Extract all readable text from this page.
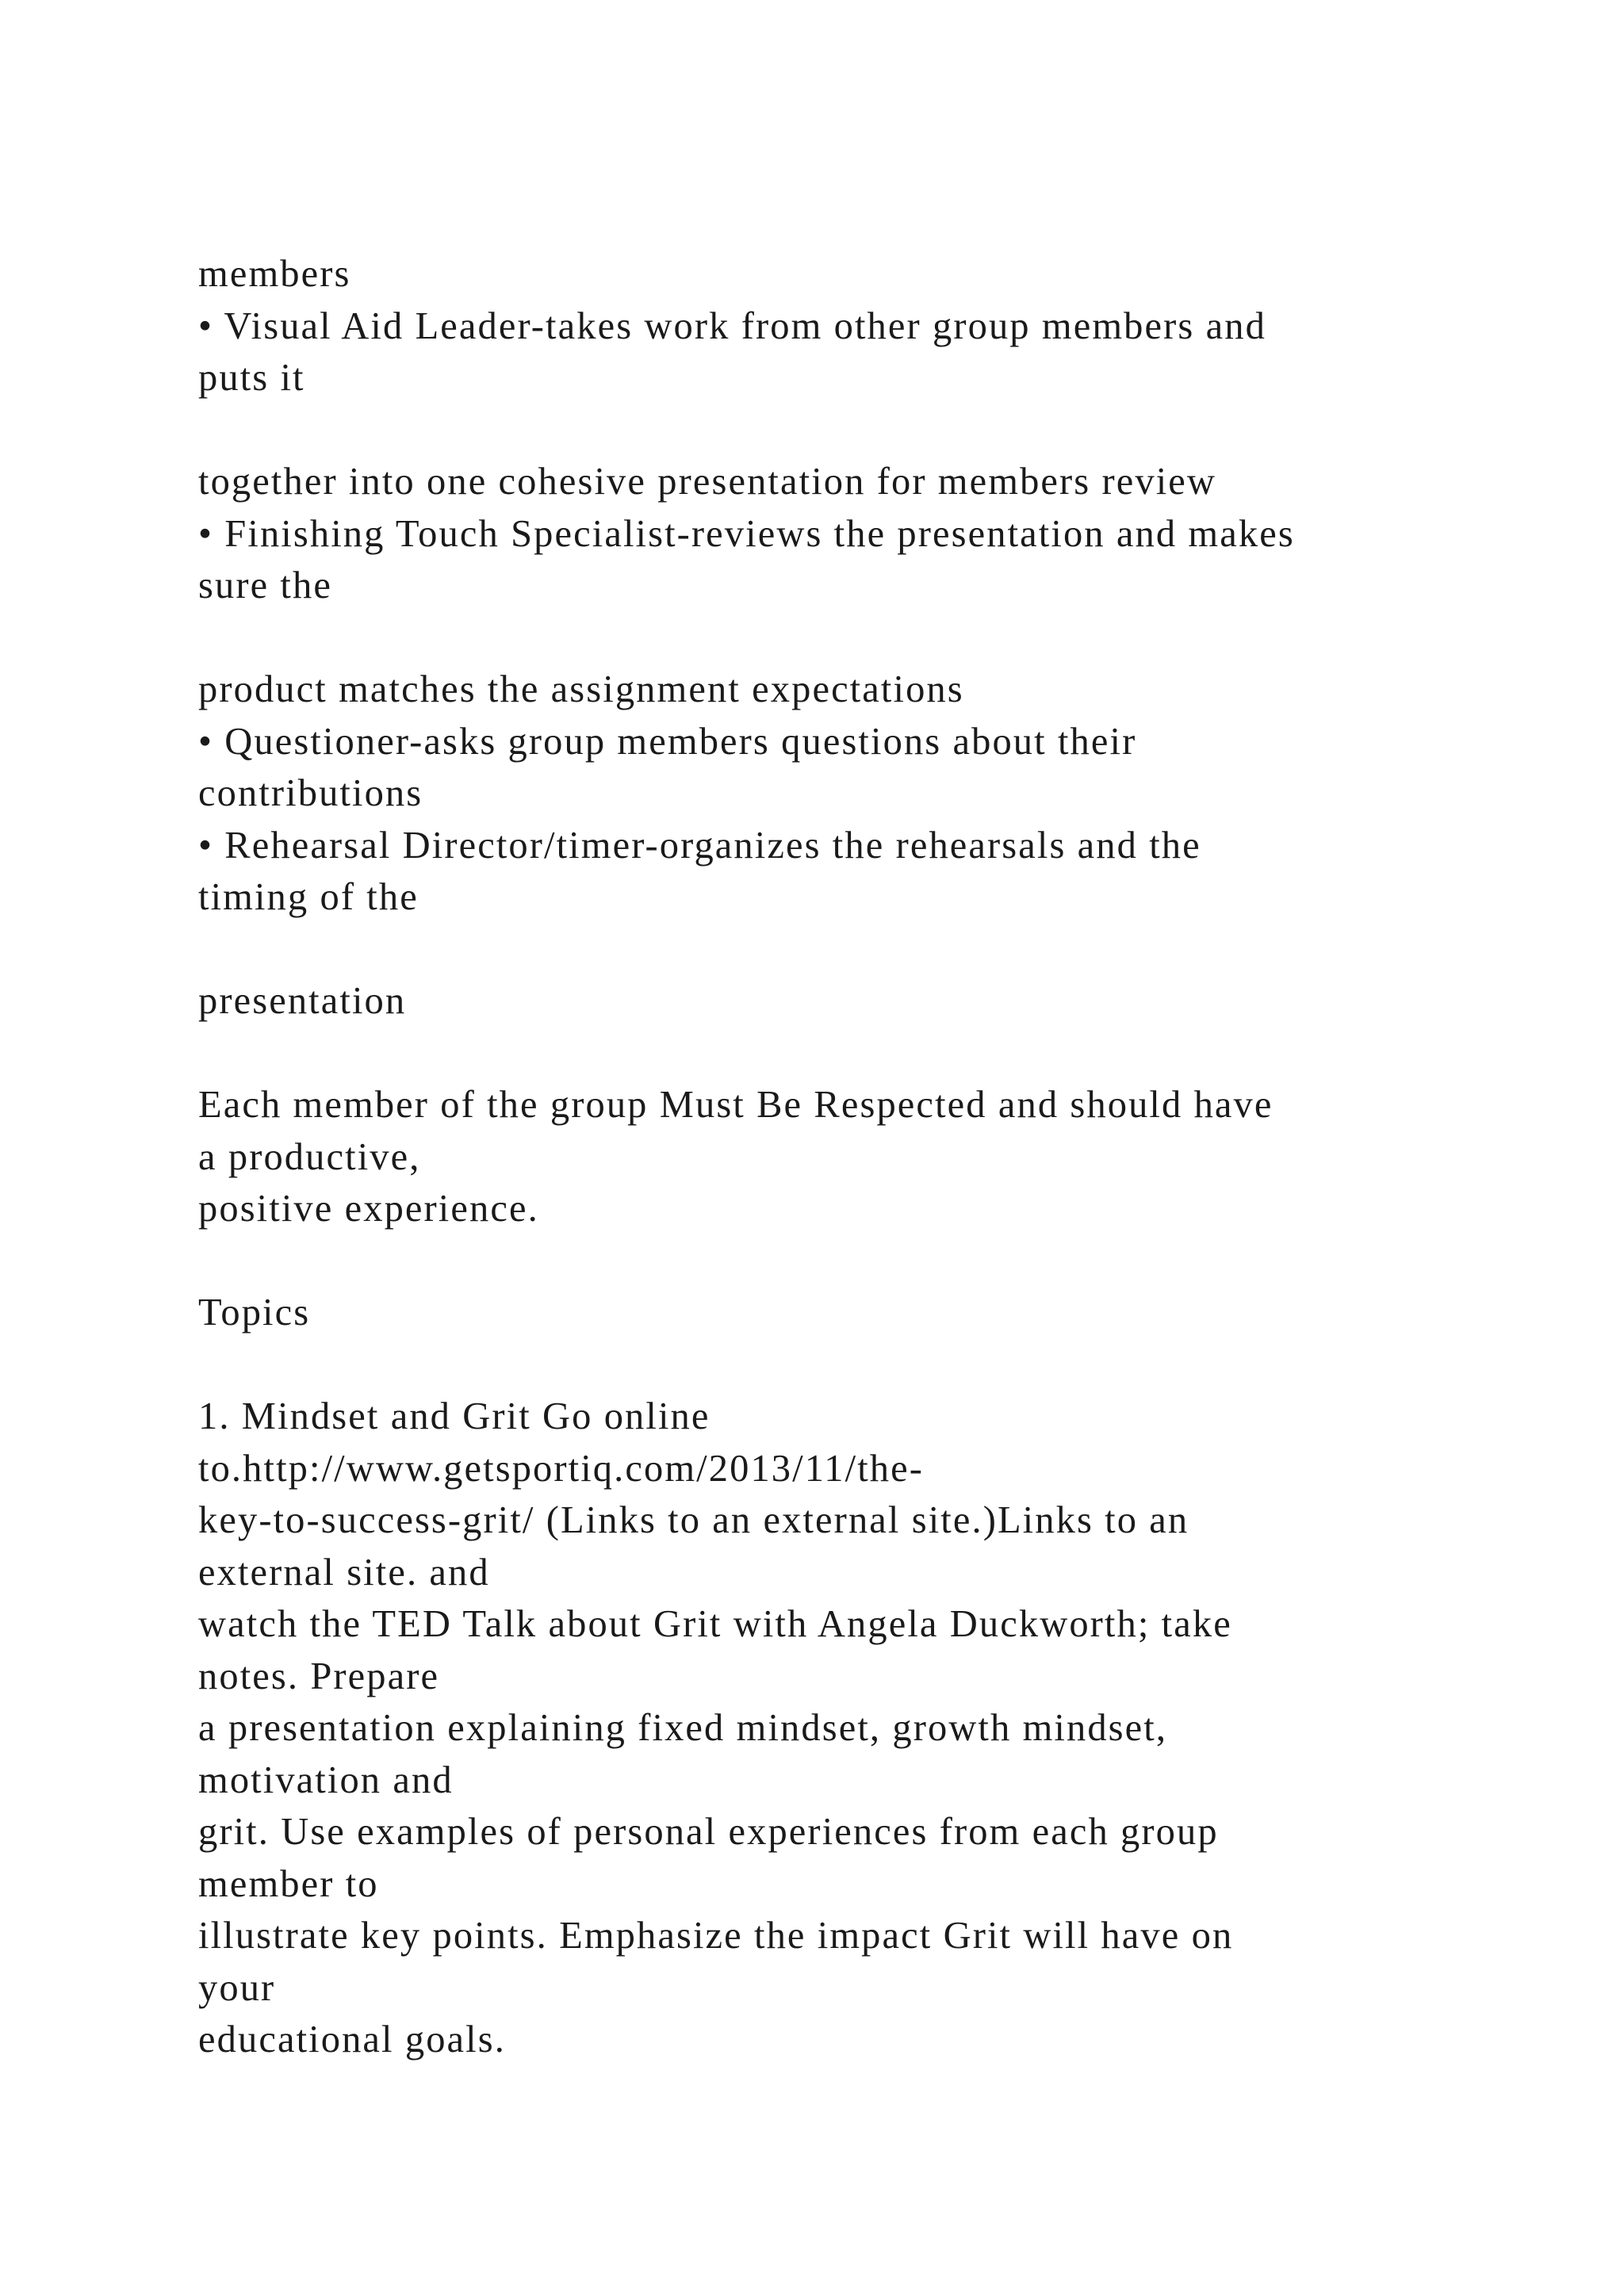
members
• Visual Aid Leader-takes work from other group members and
puts it
together into one cohesive presentation for members review
• Finishing Touch Specialist-reviews the presentation and makes
sure the
product matches the assignment expectations
• Questioner-asks group members questions about their
contributions
• Rehearsal Director/timer-organizes the rehearsals and the
timing of the
presentation
Each member of the group Must Be Respected and should have
a productive,
positive experience.
Topics
1. Mindset and Grit Go online
to.http://www.getsportiq.com/2013/11/the-
key-to-success-grit/ (Links to an external site.)Links to an
external site. and
watch the TED Talk about Grit with Angela Duckworth; take
notes. Prepare
a presentation explaining fixed mindset, growth mindset,
motivation and
grit. Use examples of personal experiences from each group
member to
illustrate key points. Emphasize the impact Grit will have on
your
educational goals.
